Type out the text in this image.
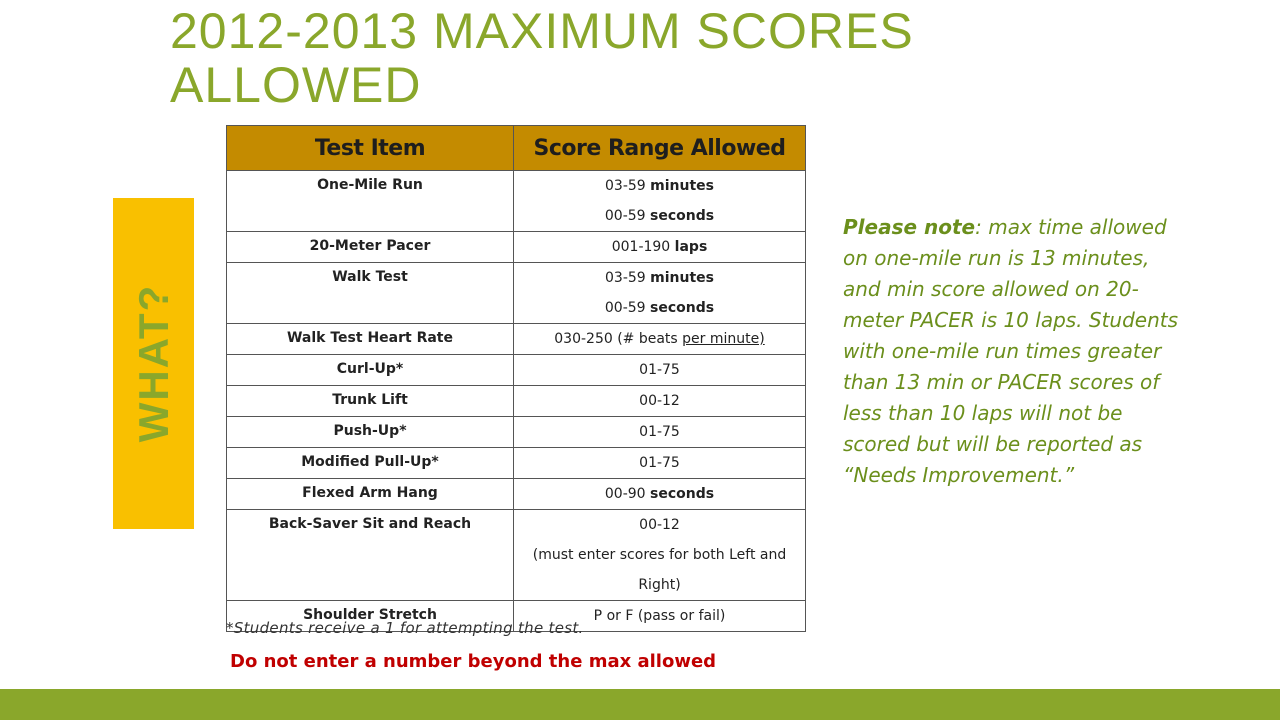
2012-2013 MAXIMUM SCORES ALLOWED
WHAT?
Test Item	Score Range Allowed
One-Mile Run	03-59 minutes
00-59 seconds

20-Meter Pacer	001-190 laps

Walk Test	03-59 minutes
00-59 seconds

Walk Test Heart Rate	030-250 (# beats per minute)
Curl-Up*	01-75
Trunk Lift	00-12
Push-Up*	01-75
Modified Pull-Up*	01-75
Flexed Arm Hang	00-90 seconds

Back-Saver Sit and Reach	00-12
(must enter scores for both Left and Right)

Shoulder Stretch	P or F (pass or fail)
*Students receive a 1 for attempting the test.
Do not enter a number beyond the max allowed
Please note: max time allowed on one-mile run is 13 minutes, and min score allowed on 20-meter PACER is 10 laps. Students with one-mile run times greater than 13 min or PACER scores of less than 10 laps will not be scored but will be reported as “Needs Improvement.”
